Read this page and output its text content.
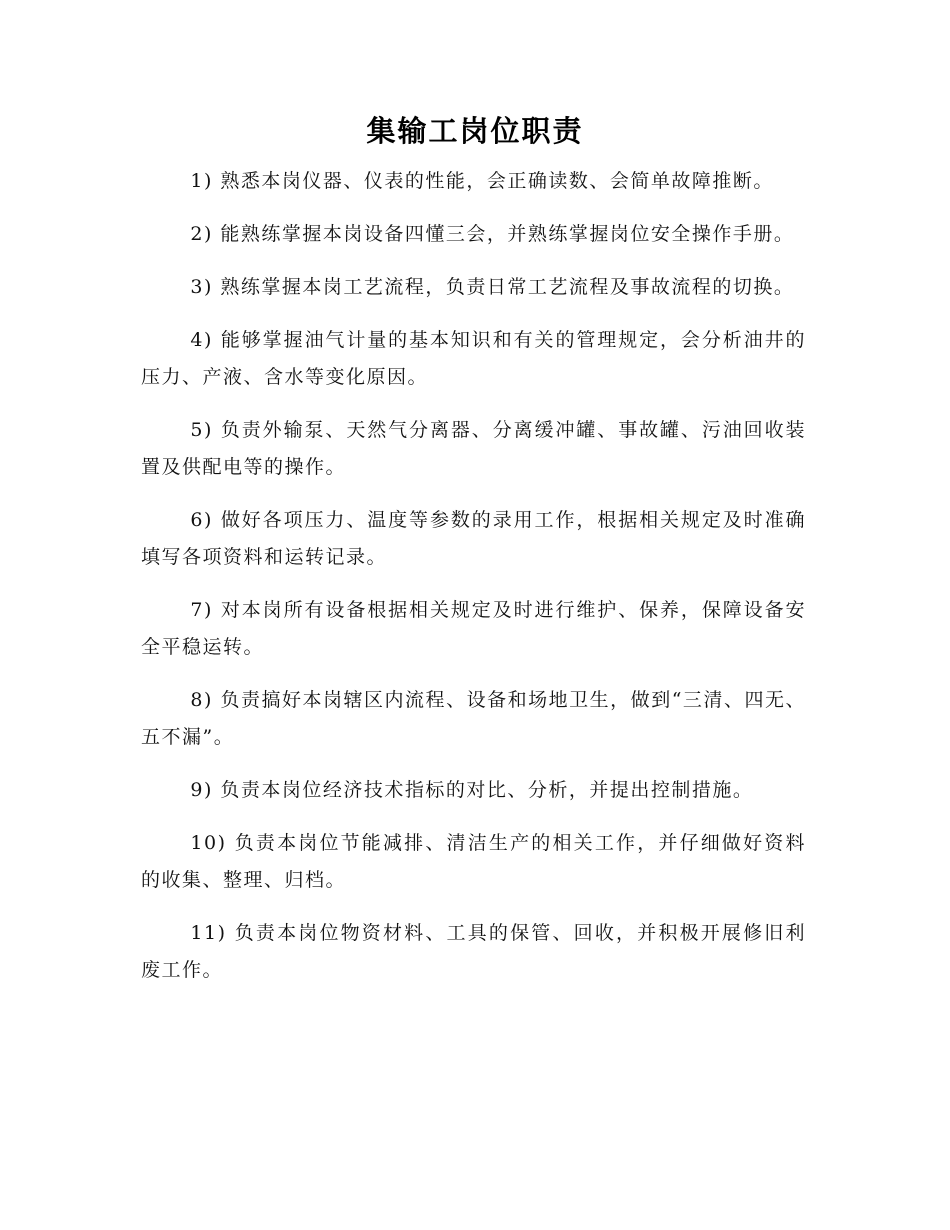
集输工岗位职责

1) 熟悉本岗仪器、仪表的性能，会正确读数、会简单故障推断。

2) 能熟练掌握本岗设备四懂三会，并熟练掌握岗位安全操作手册。

3) 熟练掌握本岗工艺流程，负责日常工艺流程及事故流程的切换。

4) 能够掌握油气计量的基本知识和有关的管理规定，会分析油井的压力、产液、含水等变化原因。

5) 负责外输泵、天然气分离器、分离缓冲罐、事故罐、污油回收装置及供配电等的操作。

6) 做好各项压力、温度等参数的录用工作，根据相关规定及时准确填写各项资料和运转记录。

7) 对本岗所有设备根据相关规定及时进行维护、保养，保障设备安全平稳运转。

8) 负责搞好本岗辖区内流程、设备和场地卫生，做到“三清、四无、五不漏”。

9) 负责本岗位经济技术指标的对比、分析，并提出控制措施。

10) 负责本岗位节能减排、清洁生产的相关工作，并仔细做好资料的收集、整理、归档。

11) 负责本岗位物资材料、工具的保管、回收，并积极开展修旧利废工作。
